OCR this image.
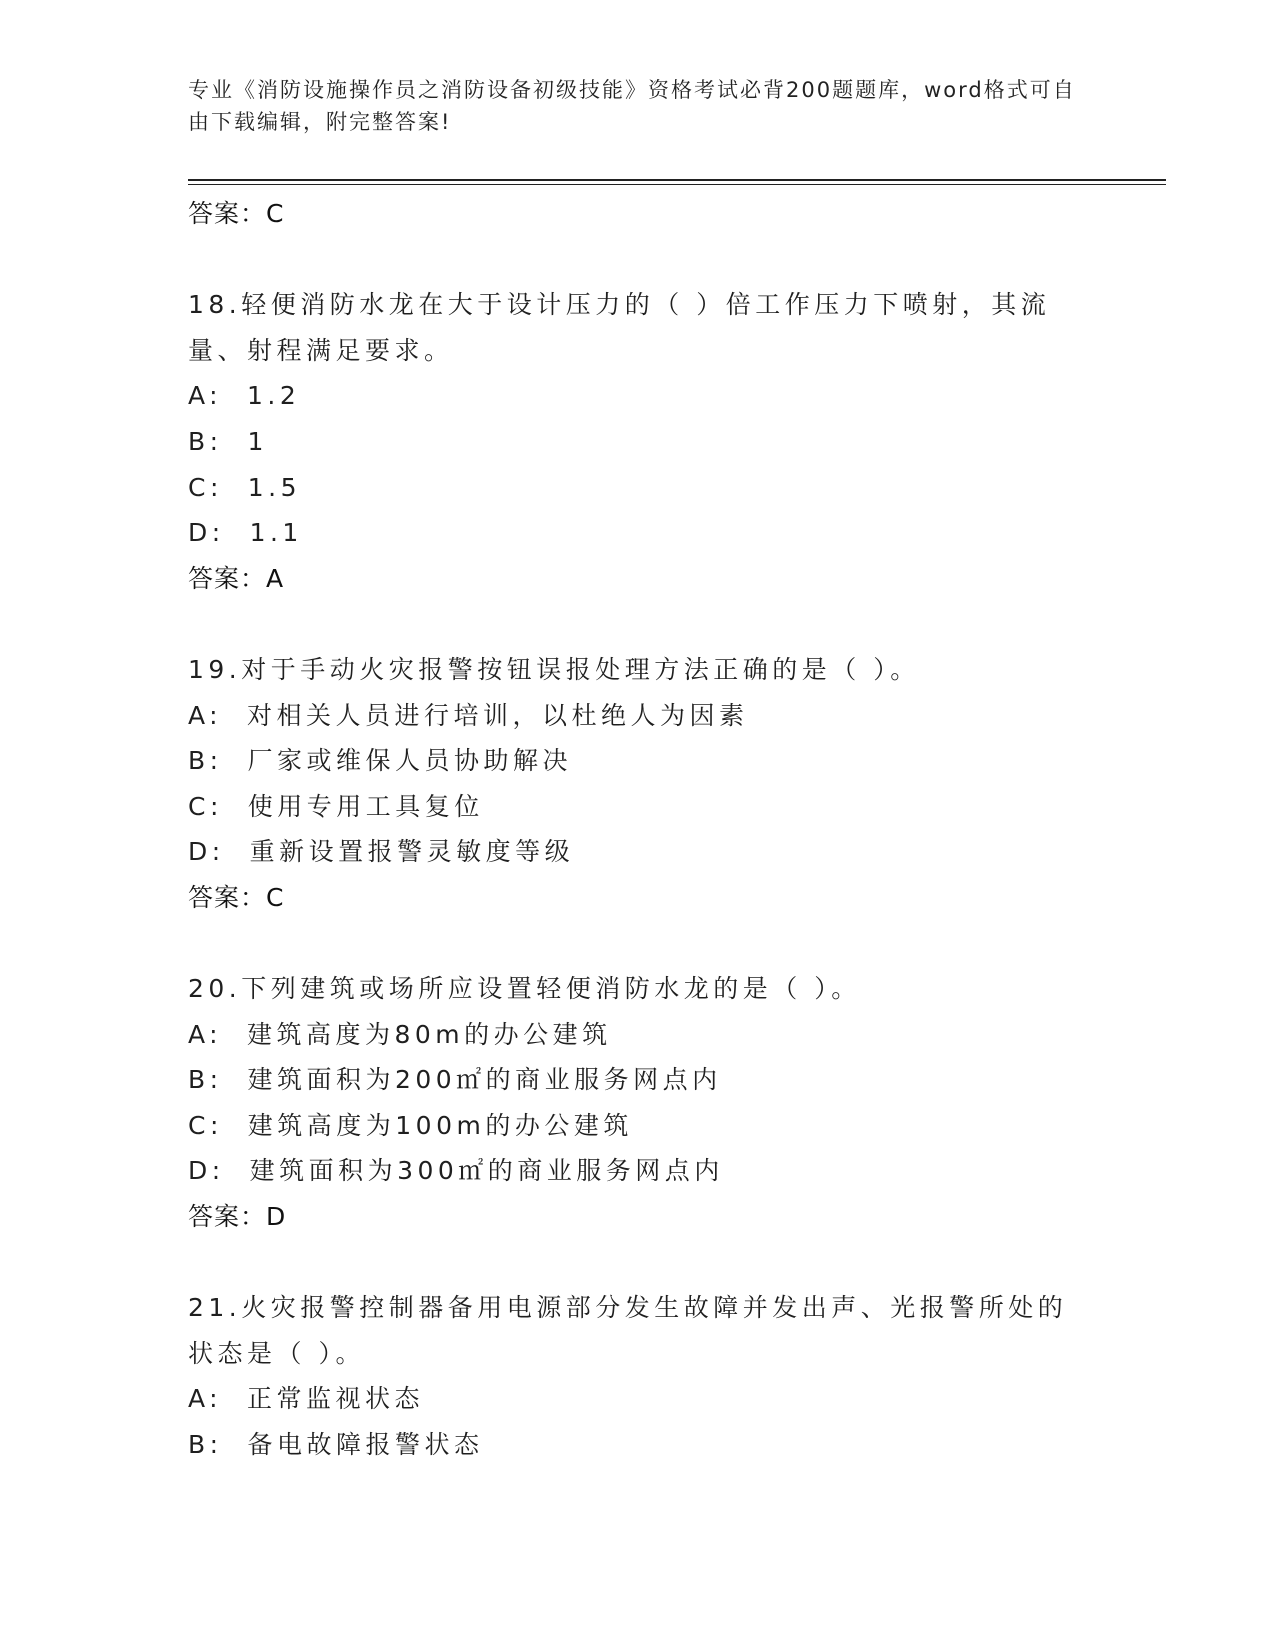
专业《消防设施操作员之消防设备初级技能》资格考试必背200题题库，word格式可自由下载编辑，附完整答案!
答案：C
18.轻便消防水龙在大于设计压力的（ ）倍工作压力下喷射，其流量、射程满足要求。
A:  1.2
B:  1
C:  1.5
D:  1.1
答案：A
19.对于手动火灾报警按钮误报处理方法正确的是（ ）。
A:  对相关人员进行培训，以杜绝人为因素
B:  厂家或维保人员协助解决
C:  使用专用工具复位
D:  重新设置报警灵敏度等级
答案：C
20.下列建筑或场所应设置轻便消防水龙的是（ ）。
A:  建筑高度为80m的办公建筑
B:  建筑面积为200㎡的商业服务网点内
C:  建筑高度为100m的办公建筑
D:  建筑面积为300㎡的商业服务网点内
答案：D
21.火灾报警控制器备用电源部分发生故障并发出声、光报警所处的状态是（ ）。
A:  正常监视状态
B:  备电故障报警状态
